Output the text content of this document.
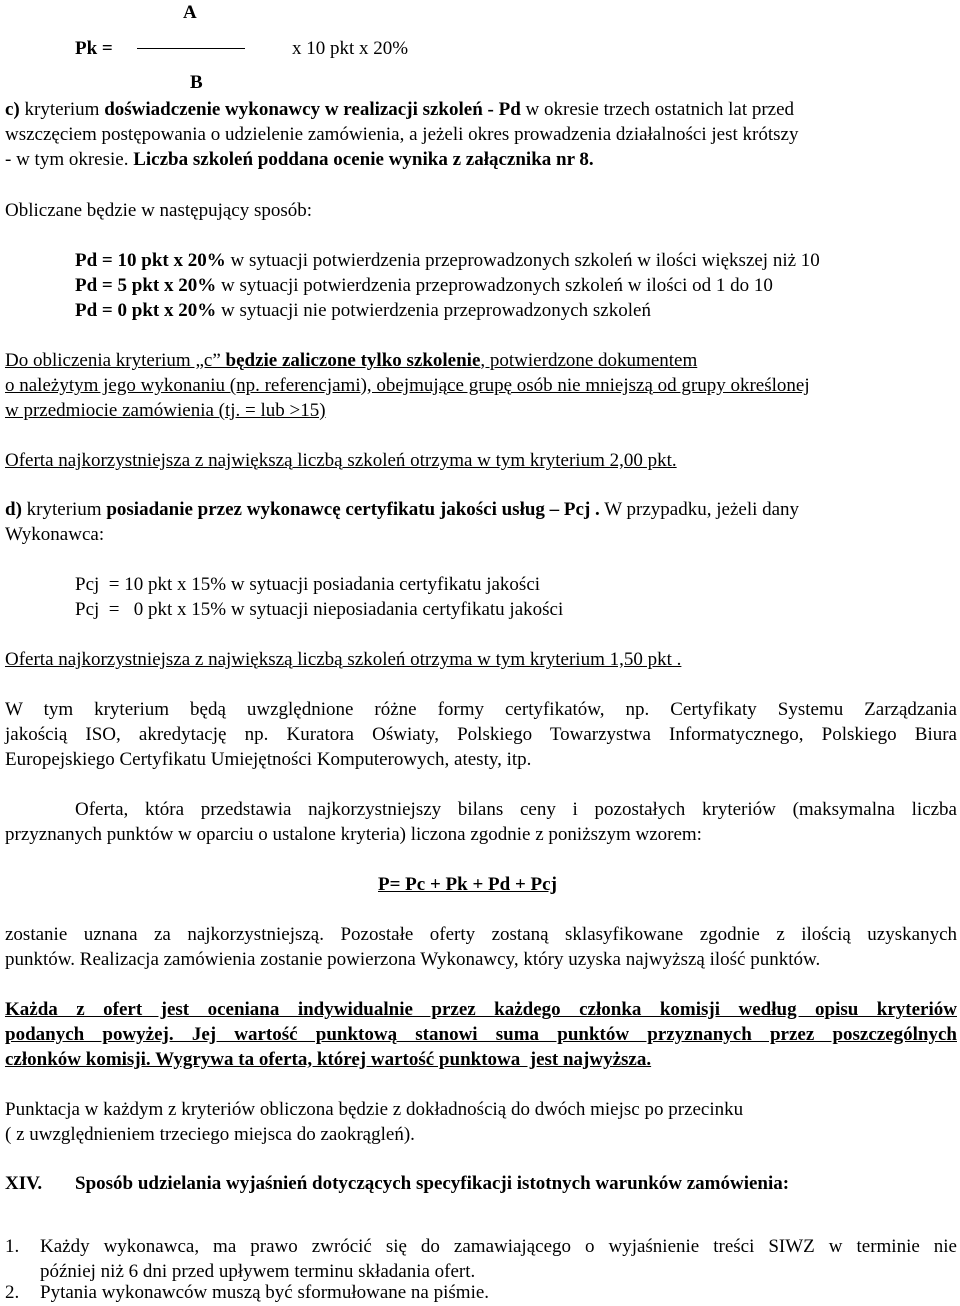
A
Pk =	x 10 pkt x 20%
B
c) kryterium doświadczenie wykonawcy w realizacji szkoleń - Pd w okresie trzech ostatnich lat przed
wszczęciem postępowania o udzielenie zamówienia, a jeżeli okres prowadzenia działalności jest krótszy
- w tym okresie. Liczba szkoleń poddana ocenie wynika z załącznika nr 8.
Obliczane będzie w następujący sposób:
Pd = 10 pkt x 20% w sytuacji potwierdzenia przeprowadzonych szkoleń w ilości większej niż 10
Pd = 5 pkt x 20% w sytuacji potwierdzenia przeprowadzonych szkoleń w ilości od 1 do 10
Pd = 0 pkt x 20% w sytuacji nie potwierdzenia przeprowadzonych szkoleń
Do obliczenia kryterium „c” będzie zaliczone tylko szkolenie, potwierdzone dokumentem
o należytym jego wykonaniu (np. referencjami), obejmujące grupę osób nie mniejszą od grupy określonej
w przedmiocie zamówienia (tj. = lub >15)
Oferta najkorzystniejsza z największą liczbą szkoleń otrzyma w tym kryterium 2,00 pkt.
d) kryterium posiadanie przez wykonawcę certyfikatu jakości usług – Pcj . W przypadku, jeżeli dany
Wykonawca:
Pcj  = 10 pkt x 15% w sytuacji posiadania certyfikatu jakości
Pcj  =   0 pkt x 15% w sytuacji nieposiadania certyfikatu jakości
Oferta najkorzystniejsza z największą liczbą szkoleń otrzyma w tym kryterium 1,50 pkt .
W tym kryterium będą uwzględnione różne formy certyfikatów, np. Certyfikaty Systemu Zarządzania
jakością ISO, akredytację np. Kuratora Oświaty, Polskiego Towarzystwa Informatycznego, Polskiego Biura
Europejskiego Certyfikatu Umiejętności Komputerowych, atesty, itp.
Oferta, która przedstawia najkorzystniejszy bilans ceny i pozostałych kryteriów (maksymalna liczba
przyznanych punktów w oparciu o ustalone kryteria) liczona zgodnie z poniższym wzorem:
P= Pc + Pk + Pd + Pcj
zostanie uznana za najkorzystniejszą. Pozostałe oferty zostaną sklasyfikowane zgodnie z ilością uzyskanych
punktów. Realizacja zamówienia zostanie powierzona Wykonawcy, który uzyska najwyższą ilość punktów.
Każda z ofert jest oceniana indywidualnie przez każdego członka komisji według opisu kryteriów
podanych powyżej. Jej wartość punktową stanowi suma punktów przyznanych przez poszczególnych
członków komisji. Wygrywa ta oferta, której wartość punktowa  jest najwyższa.
Punktacja w każdym z kryteriów obliczona będzie z dokładnością do dwóch miejsc po przecinku
( z uwzględnieniem trzeciego miejsca do zaokrągleń).
XIV. Sposób udzielania wyjaśnień dotyczących specyfikacji istotnych warunków zamówienia:
1. Każdy wykonawca, ma prawo zwrócić się do zamawiającego o wyjaśnienie treści SIWZ w terminie nie
później niż 6 dni przed upływem terminu składania ofert.
2. Pytania wykonawców muszą być sformułowane na piśmie.
